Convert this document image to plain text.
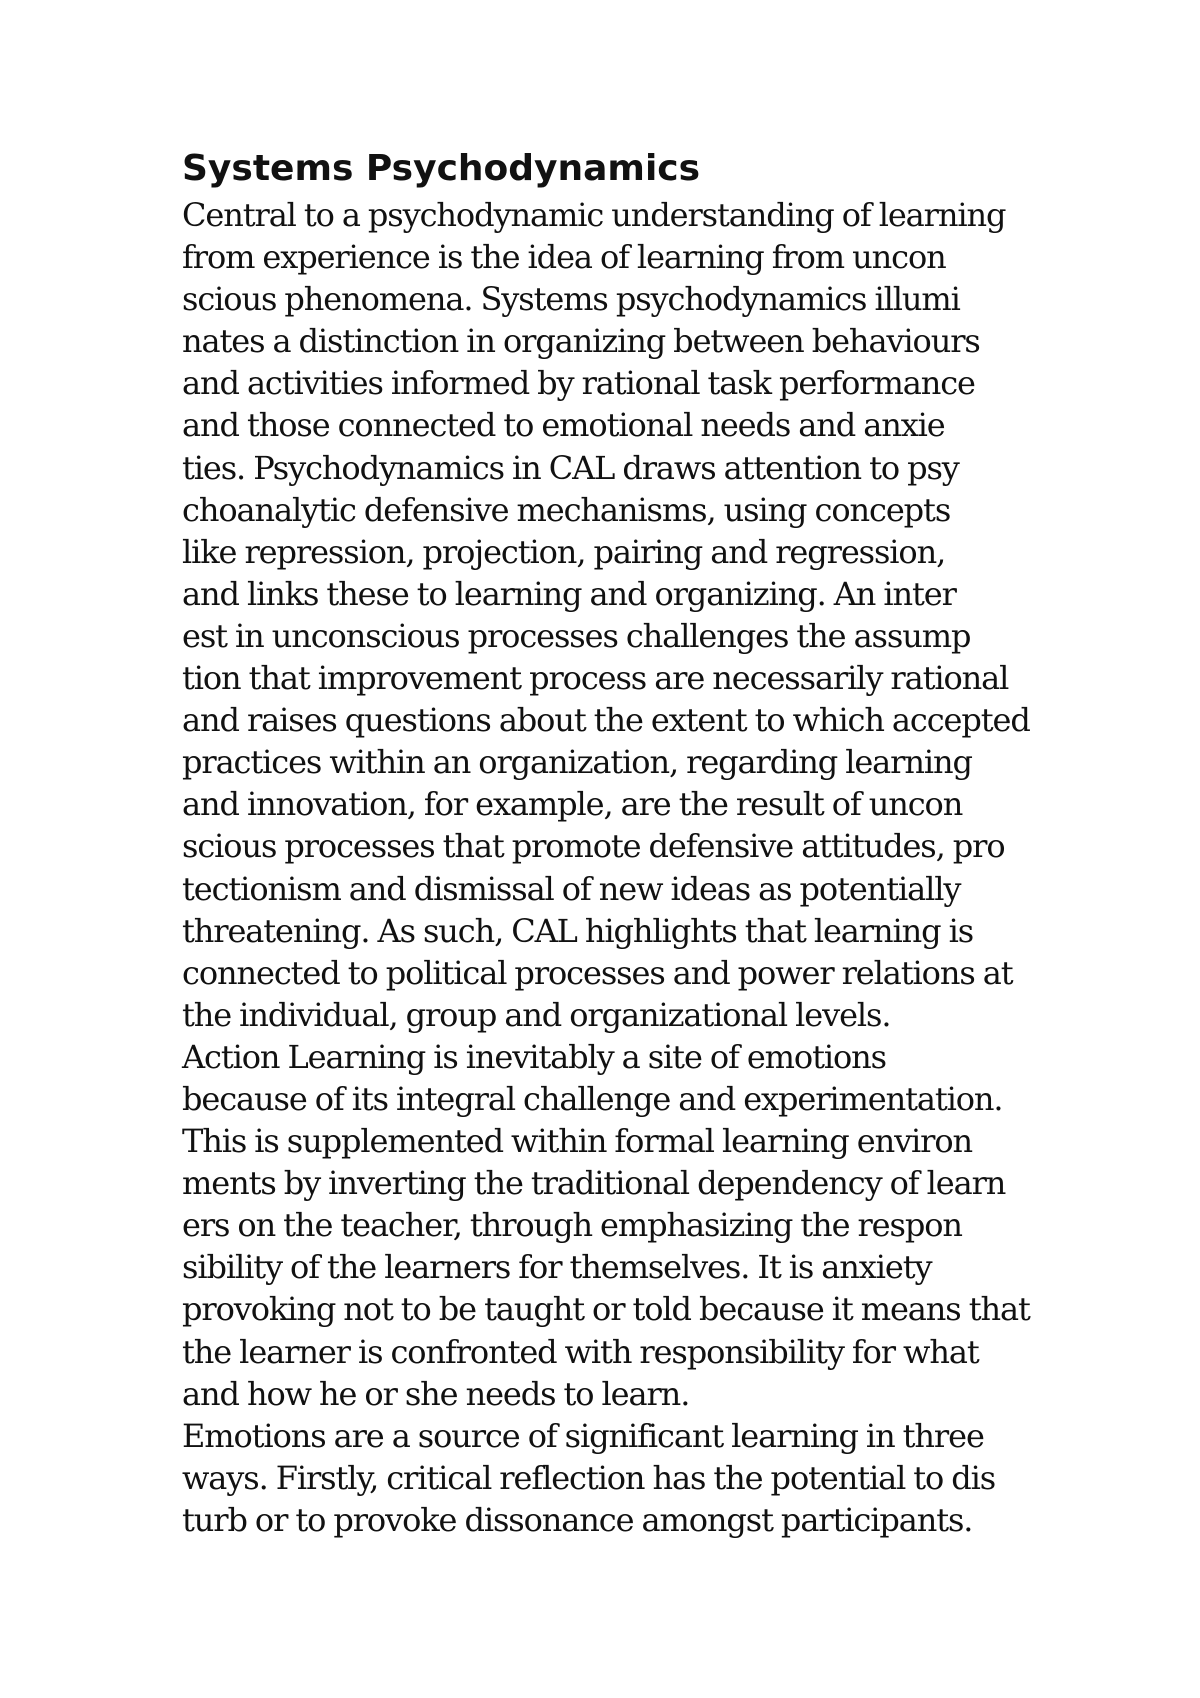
Systems Psychodynamics
Central to a psychodynamic understanding of learning
from experience is the idea of learning from uncon
scious phenomena. Systems psychodynamics illumi
nates a distinction in organizing between behaviours
and activities informed by rational task performance
and those connected to emotional needs and anxie
ties. Psychodynamics in CAL draws attention to psy
choanalytic defensive mechanisms, using concepts
like repression, projection, pairing and regression,
and links these to learning and organizing. An inter
est in unconscious processes challenges the assump
tion that improvement process are necessarily rational
and raises questions about the extent to which accepted
practices within an organization, regarding learning
and innovation, for example, are the result of uncon
scious processes that promote defensive attitudes, pro
tectionism and dismissal of new ideas as potentially
threatening. As such, CAL highlights that learning is
connected to political processes and power relations at
the individual, group and organizational levels.
Action Learning is inevitably a site of emotions
because of its integral challenge and experimentation.
This is supplemented within formal learning environ
ments by inverting the traditional dependency of learn
ers on the teacher, through emphasizing the respon
sibility of the learners for themselves. It is anxiety
provoking not to be taught or told because it means that
the learner is confronted with responsibility for what
and how he or she needs to learn.
Emotions are a source of significant learning in three
ways. Firstly, critical reflection has the potential to dis
turb or to provoke dissonance amongst participants.
